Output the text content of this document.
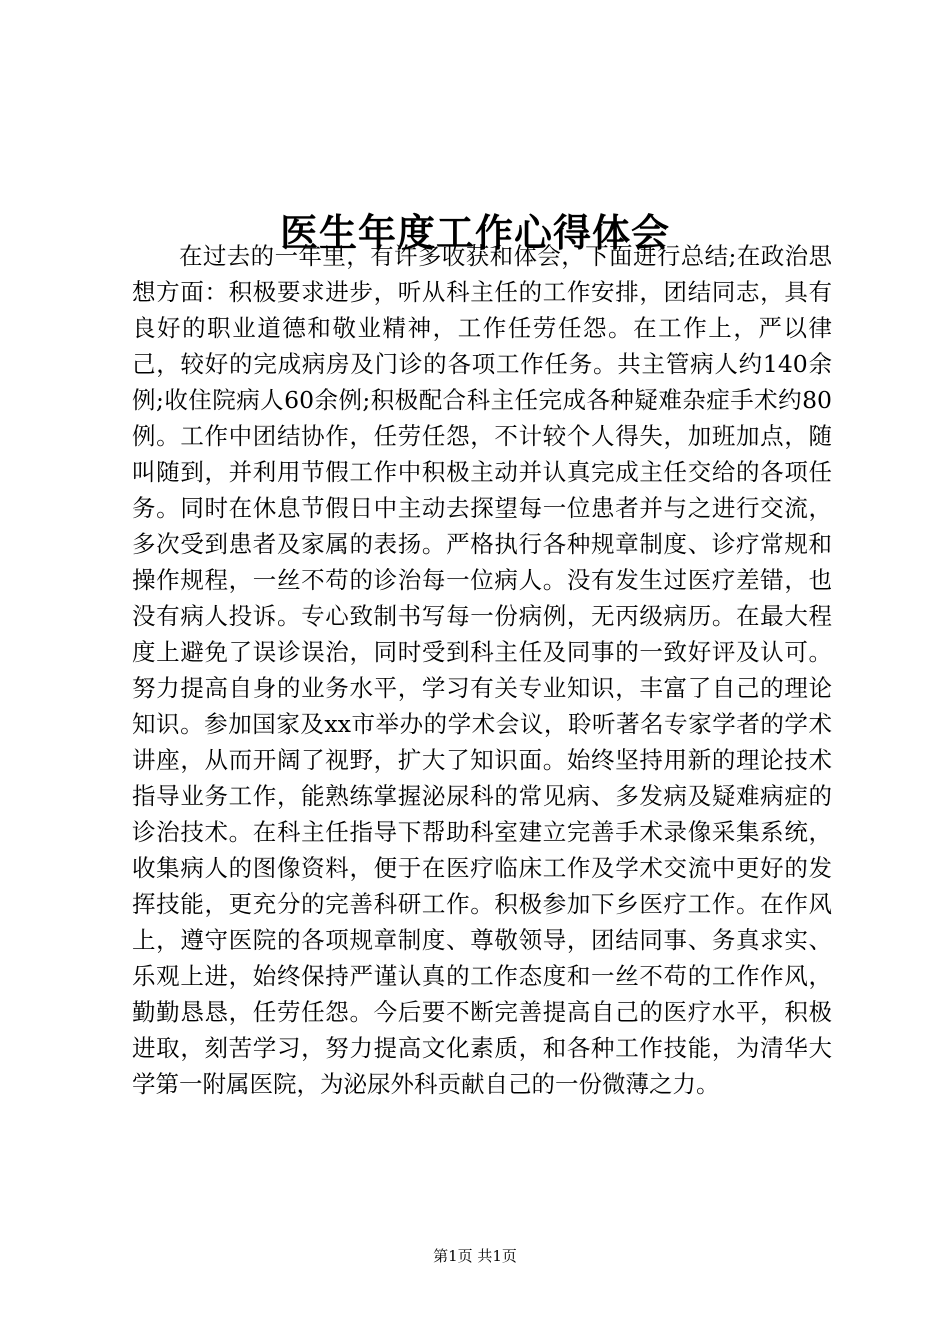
医生年度工作心得体会

在过去的一年里，有许多收获和体会，下面进行总结;在政治思想方面：积极要求进步，听从科主任的工作安排，团结同志，具有良好的职业道德和敬业精神，工作任劳任怨。在工作上，严以律己，较好的完成病房及门诊的各项工作任务。共主管病人约140余例;收住院病人60余例;积极配合科主任完成各种疑难杂症手术约80例。工作中团结协作，任劳任怨，不计较个人得失，加班加点，随叫随到，并利用节假工作中积极主动并认真完成主任交给的各项任务。同时在休息节假日中主动去探望每一位患者并与之进行交流，多次受到患者及家属的表扬。严格执行各种规章制度、诊疗常规和操作规程，一丝不苟的诊治每一位病人。没有发生过医疗差错，也没有病人投诉。专心致制书写每一份病例，无丙级病历。在最大程度上避免了误诊误治，同时受到科主任及同事的一致好评及认可。努力提高自身的业务水平，学习有关专业知识，丰富了自己的理论知识。参加国家及xx市举办的学术会议，聆听著名专家学者的学术讲座，从而开阔了视野，扩大了知识面。始终坚持用新的理论技术指导业务工作，能熟练掌握泌尿科的常见病、多发病及疑难病症的诊治技术。在科主任指导下帮助科室建立完善手术录像采集系统，收集病人的图像资料，便于在医疗临床工作及学术交流中更好的发挥技能，更充分的完善科研工作。积极参加下乡医疗工作。在作风上，遵守医院的各项规章制度、尊敬领导，团结同事、务真求实、乐观上进，始终保持严谨认真的工作态度和一丝不苟的工作作风，勤勤恳恳，任劳任怨。今后要不断完善提高自己的医疗水平，积极进取，刻苦学习，努力提高文化素质，和各种工作技能，为清华大学第一附属医院，为泌尿外科贡献自己的一份微薄之力。

第1页 共1页
